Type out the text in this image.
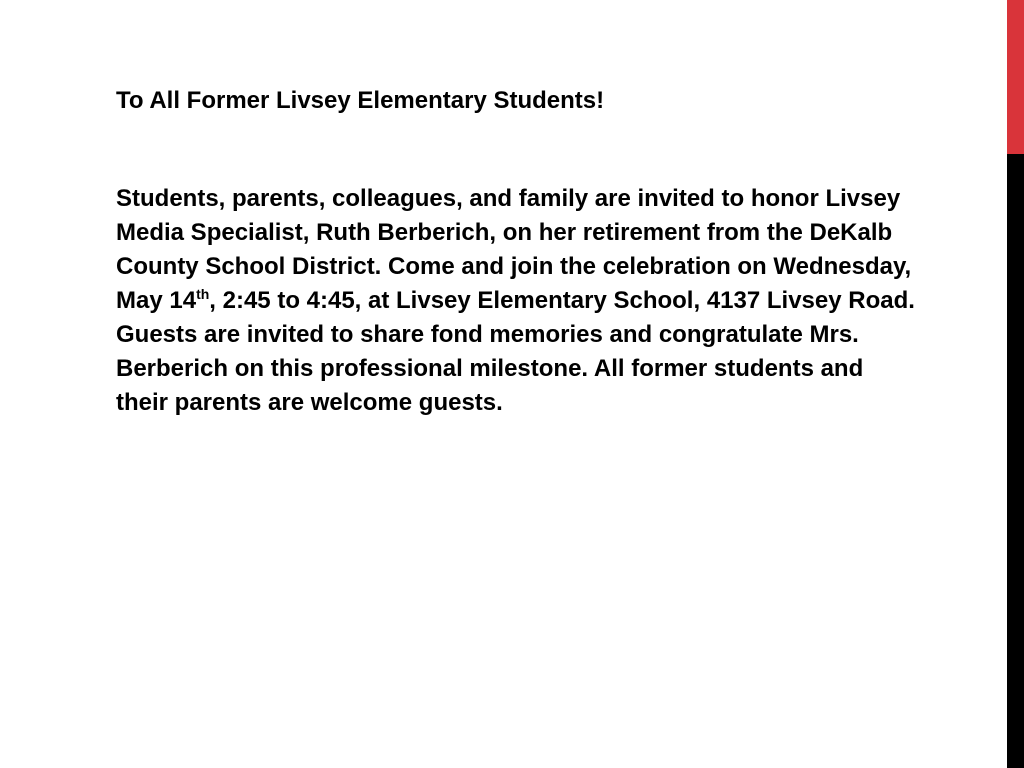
To All Former Livsey Elementary Students!

Students, parents, colleagues, and family are invited to honor Livsey Media Specialist, Ruth Berberich, on her retirement from the DeKalb County School District. Come and join the celebration on Wednesday, May 14th, 2:45 to 4:45, at Livsey Elementary School, 4137 Livsey Road. Guests are invited to share fond memories and congratulate Mrs. Berberich on this professional milestone. All former students and their parents are welcome guests.
